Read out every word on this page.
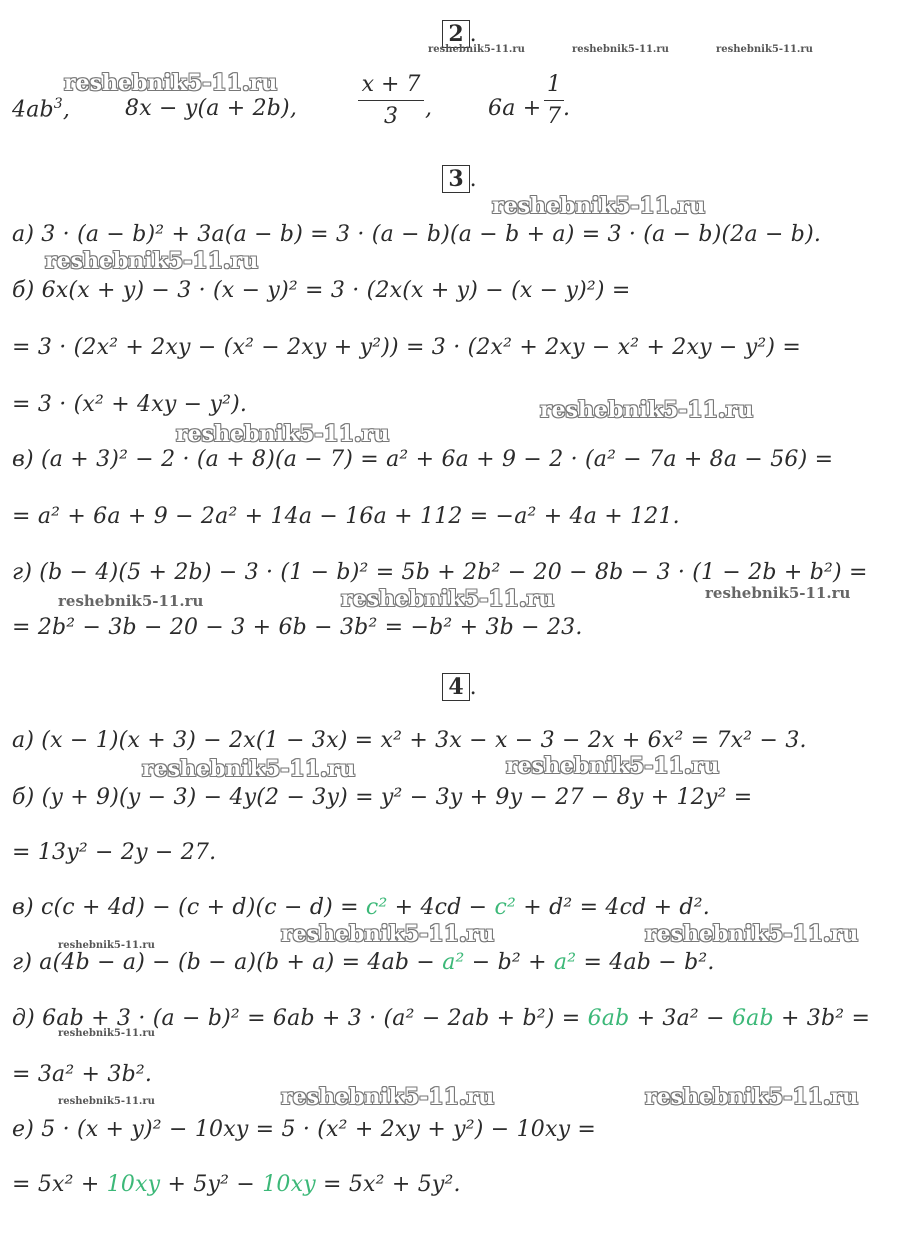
2 .
$4ab^3$, 8x − y(a + 2b),
x + 7
3	,	6a +
1
7 .
3 .
а) 3 · (a − b)² + 3a(a − b) = 3 · (a − b)(a − b + a) = 3 · (a − b)(2a − b).
б) 6x(x + y) − 3 · (x − y)² = 3 · (2x(x + y) − (x − y)²) =
= 3 · (2x² + 2xy − (x² − 2xy + y²)) = 3 · (2x² + 2xy − x² + 2xy − y²) =
= 3 · (x² + 4xy − y²).
в) (a + 3)² − 2 · (a + 8)(a − 7) = a² + 6a + 9 − 2 · (a² − 7a + 8a − 56) =
= a² + 6a + 9 − 2a² + 14a − 16a + 112 = −a² + 4a + 121.
г) (b − 4)(5 + 2b) − 3 · (1 − b)² = 5b + 2b² − 20 − 8b − 3 · (1 − 2b + b²) =
= 2b² − 3b − 20 − 3 + 6b − 3b² = −b² + 3b − 23.
4 .
а) (x − 1)(x + 3) − 2x(1 − 3x) = x² + 3x − x − 3 − 2x + 6x² = 7x² − 3.
б) (y + 9)(y − 3) − 4y(2 − 3y) = y² − 3y + 9y − 27 − 8y + 12y² =
= 13y² − 2y − 27.
в) c(c + 4d) − (c + d)(c − d) = c² + 4cd − c² + d² = 4cd + d².
г) a(4b − a) − (b − a)(b + a) = 4ab − a² − b² + a² = 4ab − b².
д) 6ab + 3 · (a − b)² = 6ab + 3 · (a² − 2ab + b²) = 6ab + 3a² − 6ab + 3b² =
= 3a² + 3b².
е) 5 · (x + y)² − 10xy = 5 · (x² + 2xy + y²) − 10xy =
= 5x² + 10xy + 5y² − 10xy = 5x² + 5y².
reshebnik5-11.ru	reshebnik5-11.ru	reshebnik5-11.ru
reshebnik5-11.ru
reshebnik5-11.ru
reshebnik5-11.ru
reshebnik5-11.ru
reshebnik5-11.ru
reshebnik5-11.ru	reshebnik5-11.ru	reshebnik5-11.ru
reshebnik5-11.ru	reshebnik5-11.ru
reshebnik5-11.ru	reshebnik5-11.ru	reshebnik5-11.ru
reshebnik5-11.ru
reshebnik5-11.ru	reshebnik5-11.ru	reshebnik5-11.ru
